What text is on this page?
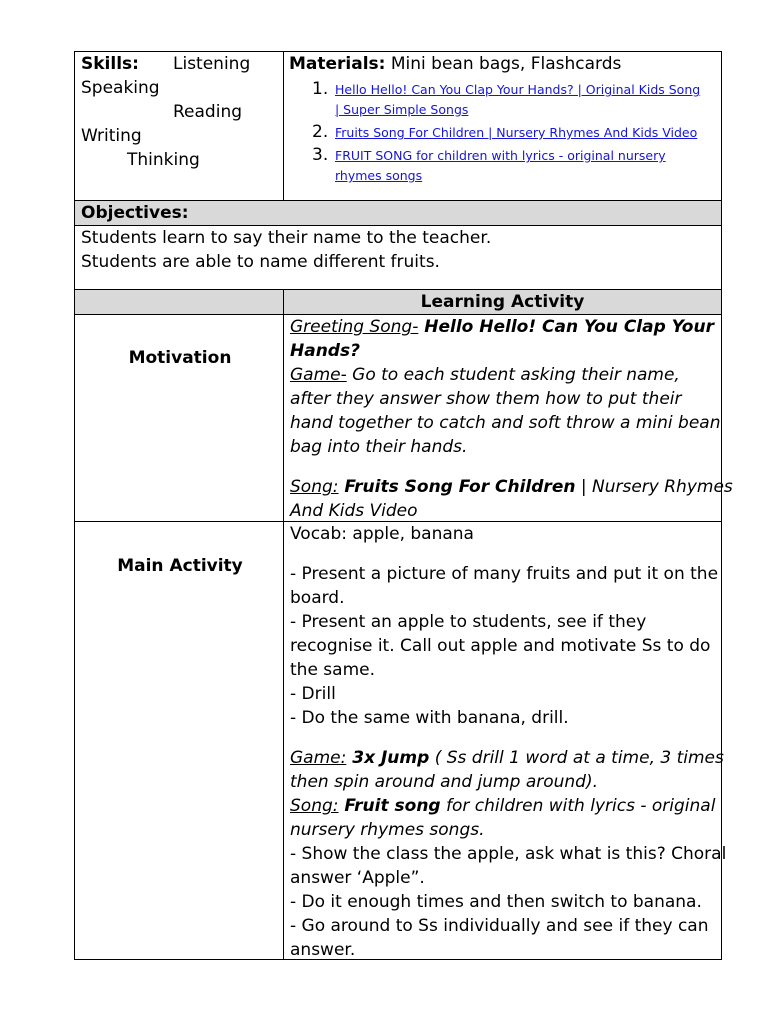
Skills: Listening
Speaking
Reading
Writing
Thinking
Materials: Mini bean bags, Flashcards
1. Hello Hello! Can You Clap Your Hands? | Original Kids Song
| Super Simple Songs
2. Fruits Song For Children | Nursery Rhymes And Kids Video
3. FRUIT SONG for children with lyrics - original nursery
rhymes songs
Objectives:
Students learn to say their name to the teacher.
Students are able to name different fruits.
Learning Activity
Motivation
Greeting Song- Hello Hello! Can You Clap Your
Hands?
Game- Go to each student asking their name,
after they answer show them how to put their
hand together to catch and soft throw a mini bean
bag into their hands.
Song: Fruits Song For Children | Nursery Rhymes
And Kids Video
Main Activity
Vocab: apple, banana
- Present a picture of many fruits and put it on the
board.
- Present an apple to students, see if they
recognise it. Call out apple and motivate Ss to do
the same.
- Drill
- Do the same with banana, drill.
Game: 3x Jump ( Ss drill 1 word at a time, 3 times
then spin around and jump around).
Song: Fruit song for children with lyrics - original
nursery rhymes songs.
- Show the class the apple, ask what is this? Choral
answer ‘Apple”.
- Do it enough times and then switch to banana.
- Go around to Ss individually and see if they can
answer.
